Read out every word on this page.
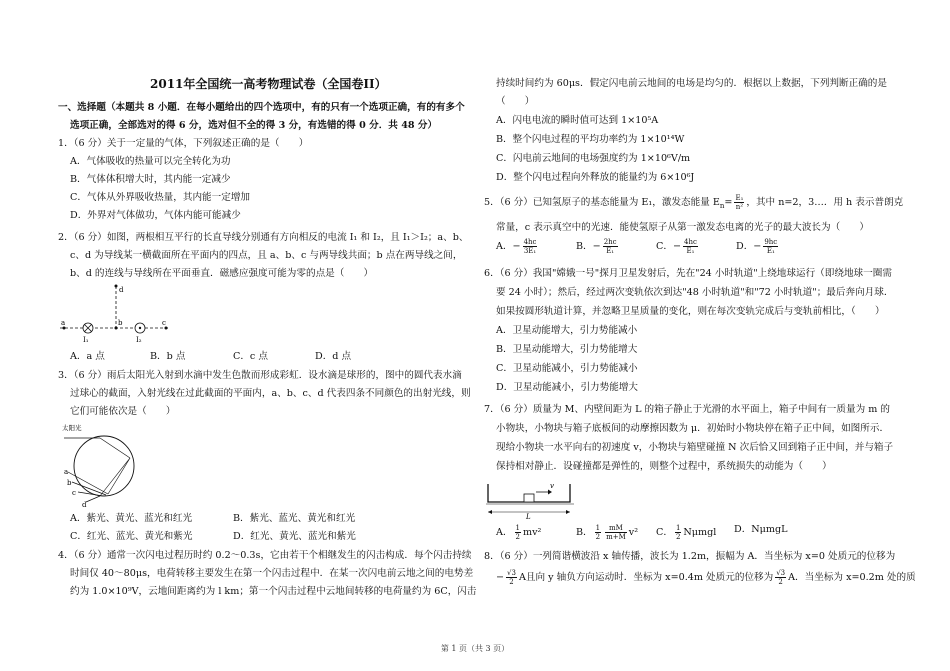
2011年全国统一高考物理试卷（全国卷II）
一、选择题（本题共 8 小题．在每小题给出的四个选项中，有的只有一个选项正确，有的有多个
选项正确，全部选对的得 6 分，选对但不全的得 3 分，有选错的得 0 分．共 48 分）
1．（6 分）关于一定量的气体，下列叙述正确的是（　　）
A．气体吸收的热量可以完全转化为功
B．气体体积增大时，其内能一定减少
C．气体从外界吸收热量，其内能一定增加
D．外界对气体做功，气体内能可能减少
2．（6 分）如图，两根相互平行的长直导线分别通有方向相反的电流 I₁ 和 I₂，且 I₁＞I₂；a、b、
c、d 为导线某一横截面所在平面内的四点，且 a、b、c 与两导线共面；b 点在两导线之间，
b、d 的连线与导线所在平面垂直．磁感应强度可能为零的点是（　　）
a
d
b	c
I₁	I₂
A．a 点	B．b 点	C．c 点	D．d 点
3．（6 分）雨后太阳光入射到水滴中发生色散而形成彩虹．设水滴是球形的，图中的圆代表水滴
过球心的截面，入射光线在过此截面的平面内，a、b、c、d 代表四条不同颜色的出射光线，则
它们可能依次是（　　）
太阳光
a
b
c
d
A．紫光、黄光、蓝光和红光	B．紫光、蓝光、黄光和红光
C．红光、蓝光、黄光和紫光	D．红光、黄光、蓝光和紫光
4．（6 分）通常一次闪电过程历时约 0.2～0.3s，它由若干个相继发生的闪击构成．每个闪击持续
时间仅 40～80μs，电荷转移主要发生在第一个闪击过程中．在某一次闪电前云地之间的电势差
约为 1.0×10⁹V，云地间距离约为 l km；第一个闪击过程中云地间转移的电荷量约为 6C，闪击
持续时间约为 60μs．假定闪电前云地间的电场是均匀的．根据以上数据，下列判断正确的是
（　　）
A．闪电电流的瞬时值可达到 1×10⁵A
B．整个闪电过程的平均功率约为 1×10¹⁴W
C．闪电前云地间的电场强度约为 1×10⁶V/m
D．整个闪电过程向外释放的能量约为 6×10⁶J
5．（6 分）已知氢原子的基态能量为 E₁，激发态能量 $E_n= \frac{\text{E₁}}{\text{n²}}$ ，其中 n=2，3…．用 h 表示普朗克
常量，c 表示真空中的光速．能使氢原子从第一激发态电离的光子的最大波长为（　　）
A．− $\frac{4hc}{\text{3E₁}}$	B．− $\frac{2hc}{\text{E₁}}$	C．− $\frac{4hc}{\text{E₁}}$	D．− $\frac{9hc}{\text{E₁}}$
6．（6 分）我国"嫦娥一号"探月卫星发射后，先在"24 小时轨道"上绕地球运行（即绕地球一圈需
要 24 小时）；然后，经过两次变轨依次到达"48 小时轨道"和"72 小时轨道"；最后奔向月球．
如果按圆形轨道计算，并忽略卫星质量的变化，则在每次变轨完成后与变轨前相比，（　　）
A．卫星动能增大，引力势能减小
B．卫星动能增大，引力势能增大
C．卫星动能减小，引力势能减小
D．卫星动能减小，引力势能增大
7．（6 分）质量为 M、内壁间距为 L 的箱子静止于光滑的水平面上，箱子中间有一质量为 m 的
小物块，小物块与箱子底板间的动摩擦因数为 μ．初始时小物块停在箱子正中间，如图所示．
现给小物块一水平向右的初速度 v，小物块与箱壁碰撞 N 次后恰又回到箱子正中间，并与箱子
保持相对静止．设碰撞都是弹性的，则整个过程中，系统损失的动能为（　　）
v
L
A． $\frac{1}{2} mv^2$	B． $\frac{1}{2} \frac{mM}{m+M} v^2$ C． $\frac{1}{2}$ Nμmgl D．NμmgL
8．（6 分）一列简谐横波沿 x 轴传播，波长为 1.2m，振幅为 A．当坐标为 x=0 处质元的位移为
− $\frac{√3}{2}$ A且向 y 轴负方向运动时．坐标为 x=0.4m 处质元的位移为 $\frac{√3}{2}$ A．当坐标为 x=0.2m 处的质
第 1 页（共 3 页）
